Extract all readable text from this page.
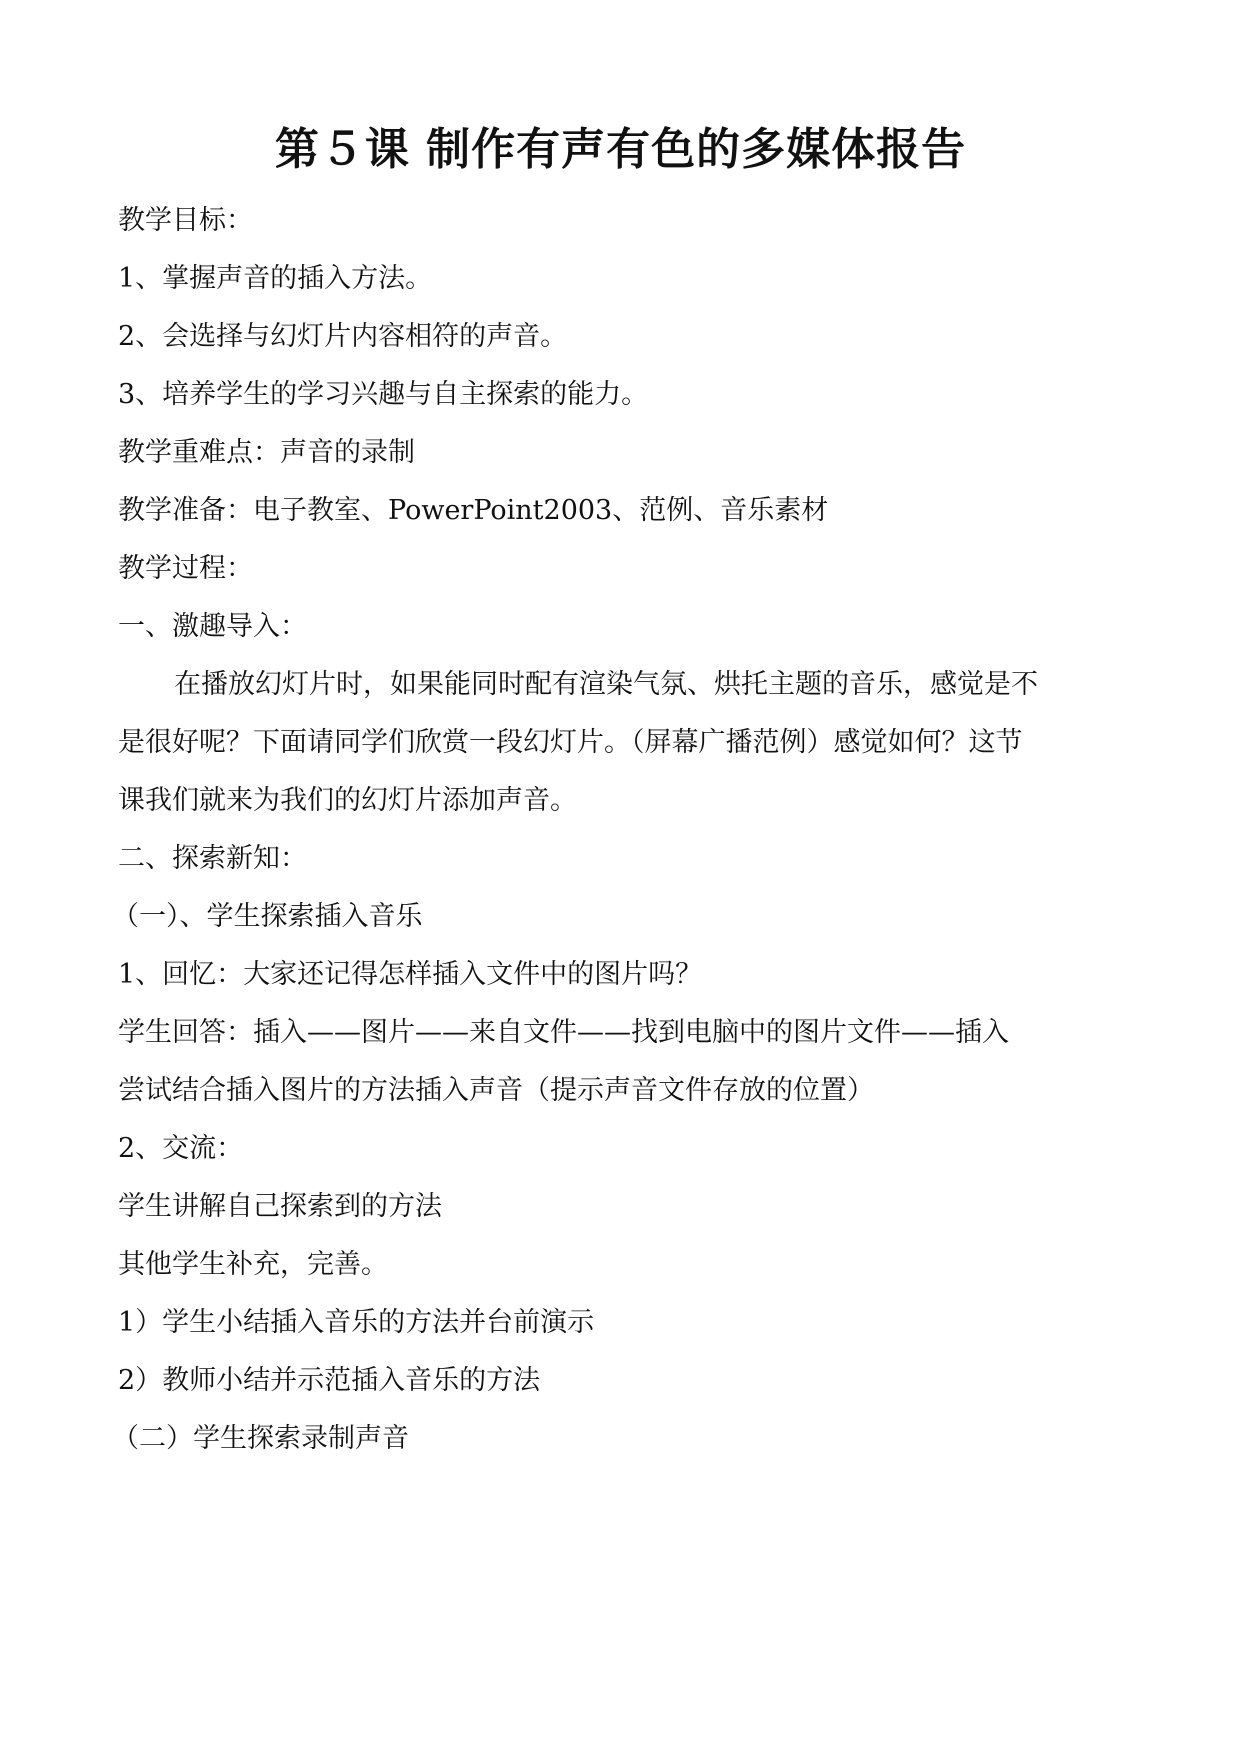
第５课 制作有声有色的多媒体报告
教学目标：
1、掌握声音的插入方法。
2、会选择与幻灯片内容相符的声音。
3、培养学生的学习兴趣与自主探索的能力。
教学重难点：声音的录制
教学准备：电子教室、PowerPoint2003、范例、音乐素材
教学过程：
一、激趣导入：
在播放幻灯片时，如果能同时配有渲染气氛、烘托主题的音乐，感觉是不
是很好呢？下面请同学们欣赏一段幻灯片。（屏幕广播范例）感觉如何？这节
课我们就来为我们的幻灯片添加声音。
二、探索新知：
（一）、学生探索插入音乐
1、回忆：大家还记得怎样插入文件中的图片吗？
学生回答：插入——图片——来自文件——找到电脑中的图片文件——插入
尝试结合插入图片的方法插入声音（提示声音文件存放的位置）
2、交流：
学生讲解自己探索到的方法
其他学生补充，完善。
1）学生小结插入音乐的方法并台前演示
2）教师小结并示范插入音乐的方法
（二）学生探索录制声音
